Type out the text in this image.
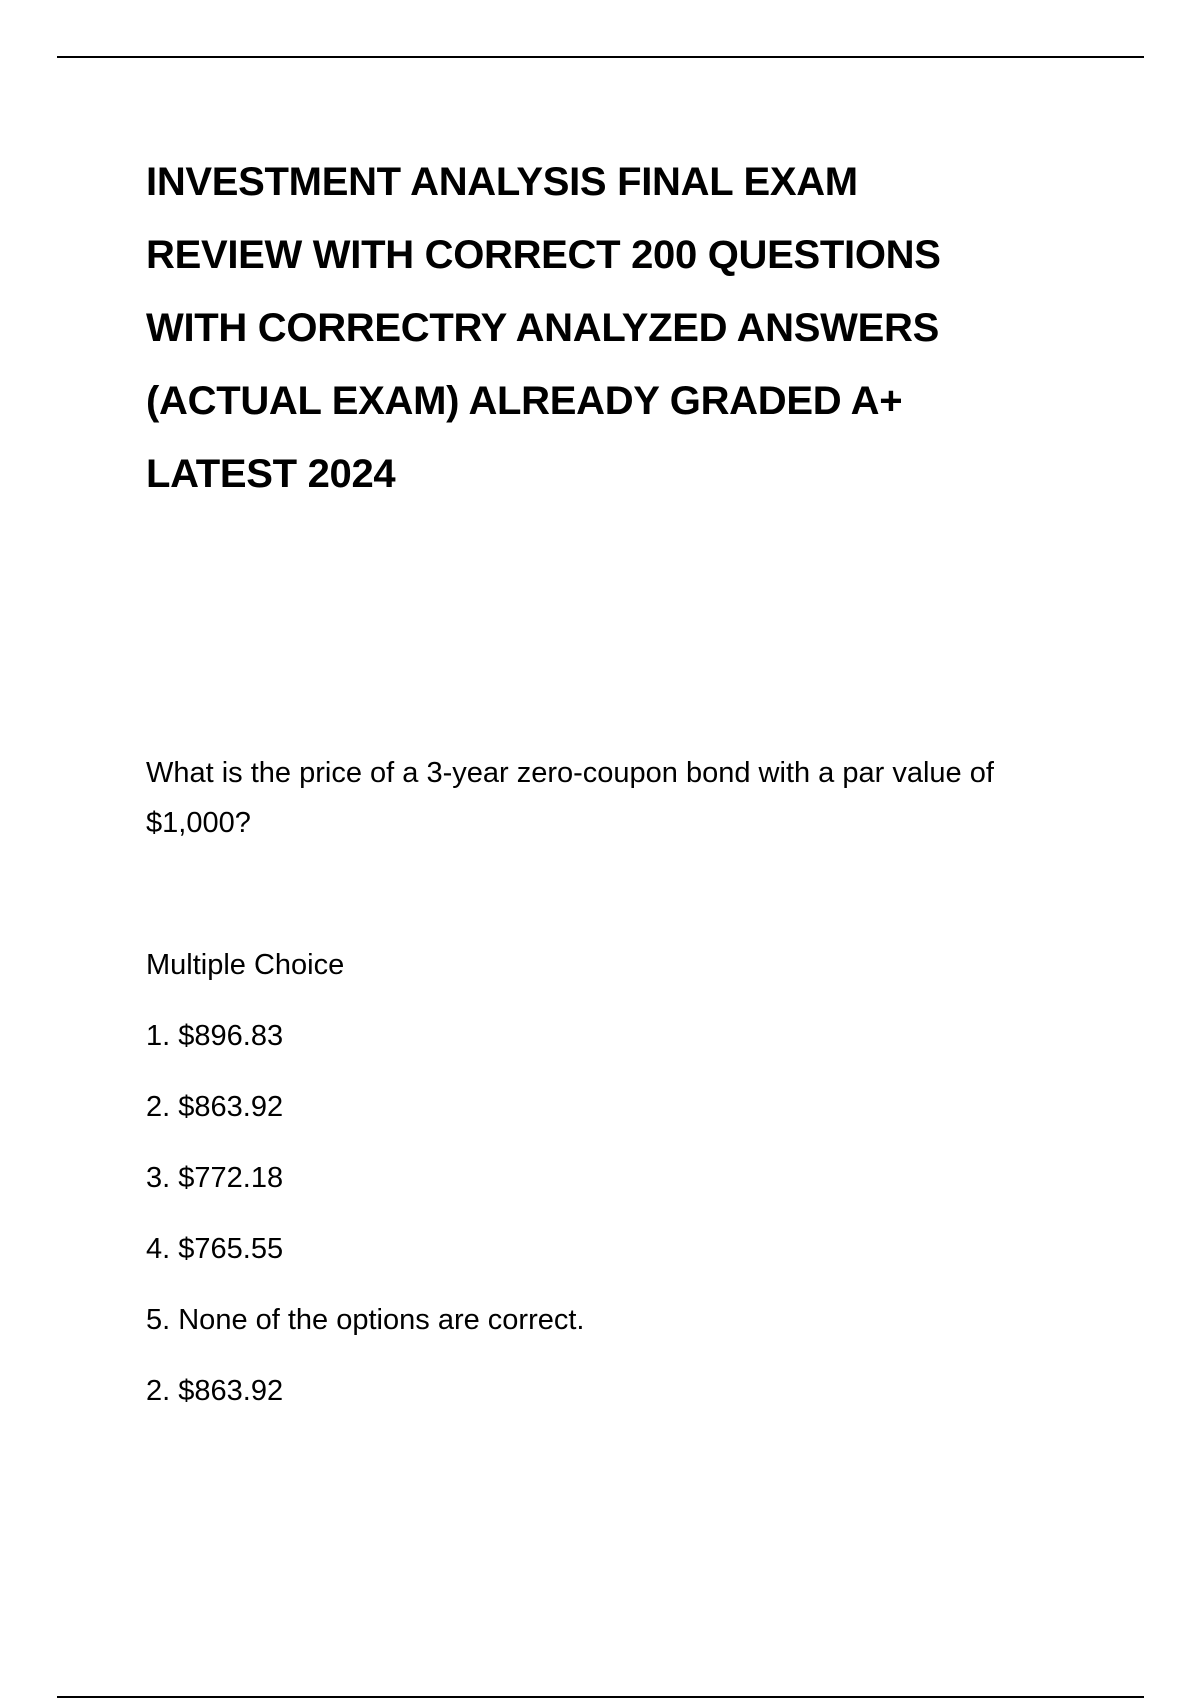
INVESTMENT ANALYSIS FINAL EXAM
REVIEW WITH CORRECT 200 QUESTIONS
WITH CORRECTRY ANALYZED ANSWERS
(ACTUAL EXAM) ALREADY GRADED A+
LATEST 2024

What is the price of a 3-year zero-coupon bond with a par value of $1,000?

Multiple Choice

1. $896.83
2. $863.92
3. $772.18
4. $765.55
5. None of the options are correct.

2. $863.92
